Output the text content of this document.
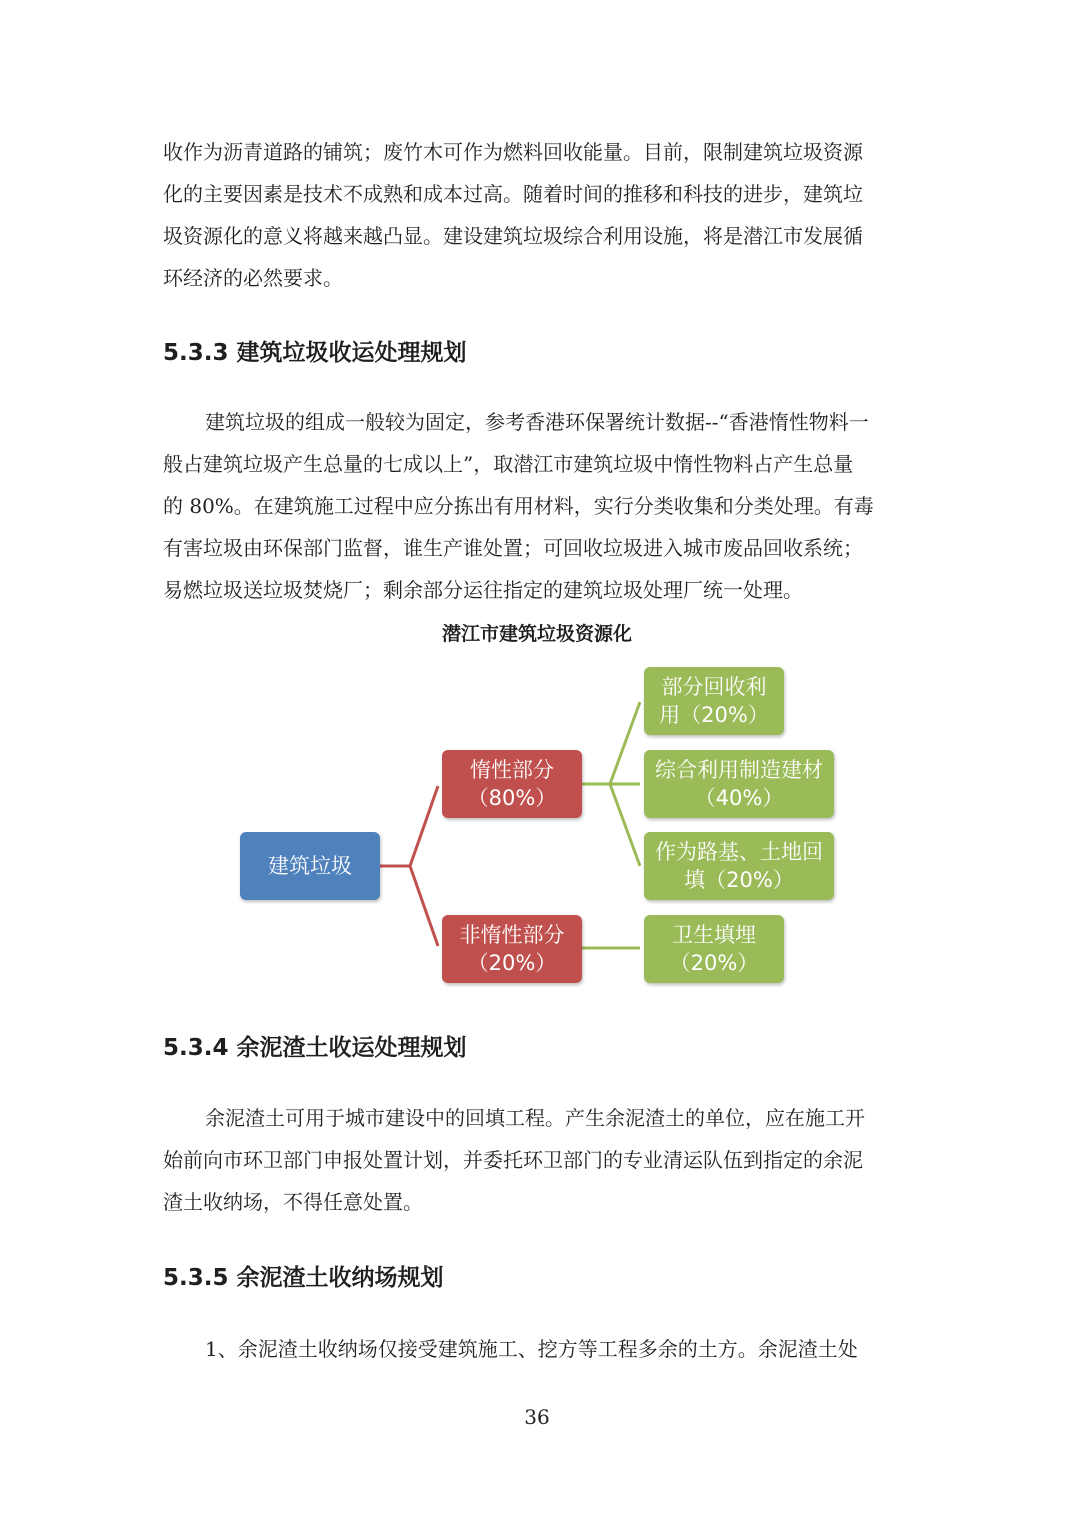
收作为沥青道路的铺筑；废竹木可作为燃料回收能量。目前，限制建筑垃圾资源
化的主要因素是技术不成熟和成本过高。随着时间的推移和科技的进步，建筑垃
圾资源化的意义将越来越凸显。建设建筑垃圾综合利用设施，将是潜江市发展循
环经济的必然要求。
5.3.3 建筑垃圾收运处理规划
建筑垃圾的组成一般较为固定，参考香港环保署统计数据--“香港惰性物料一
般占建筑垃圾产生总量的七成以上”，取潜江市建筑垃圾中惰性物料占产生总量
的 80%。在建筑施工过程中应分拣出有用材料，实行分类收集和分类处理。有毒
有害垃圾由环保部门监督，谁生产谁处置；可回收垃圾进入城市废品回收系统；
易燃垃圾送垃圾焚烧厂；剩余部分运往指定的建筑垃圾处理厂统一处理。
潜江市建筑垃圾资源化
建筑垃圾
惰性部分
（80%）
非惰性部分
（20%）
部分回收利
用（20%）
综合利用制造建材
（40%）
作为路基、土地回
填（20%）
卫生填埋
（20%）
5.3.4 余泥渣土收运处理规划
余泥渣土可用于城市建设中的回填工程。产生余泥渣土的单位，应在施工开
始前向市环卫部门申报处置计划，并委托环卫部门的专业清运队伍到指定的余泥
渣土收纳场，不得任意处置。
5.3.5 余泥渣土收纳场规划
1、余泥渣土收纳场仅接受建筑施工、挖方等工程多余的土方。余泥渣土处
36
